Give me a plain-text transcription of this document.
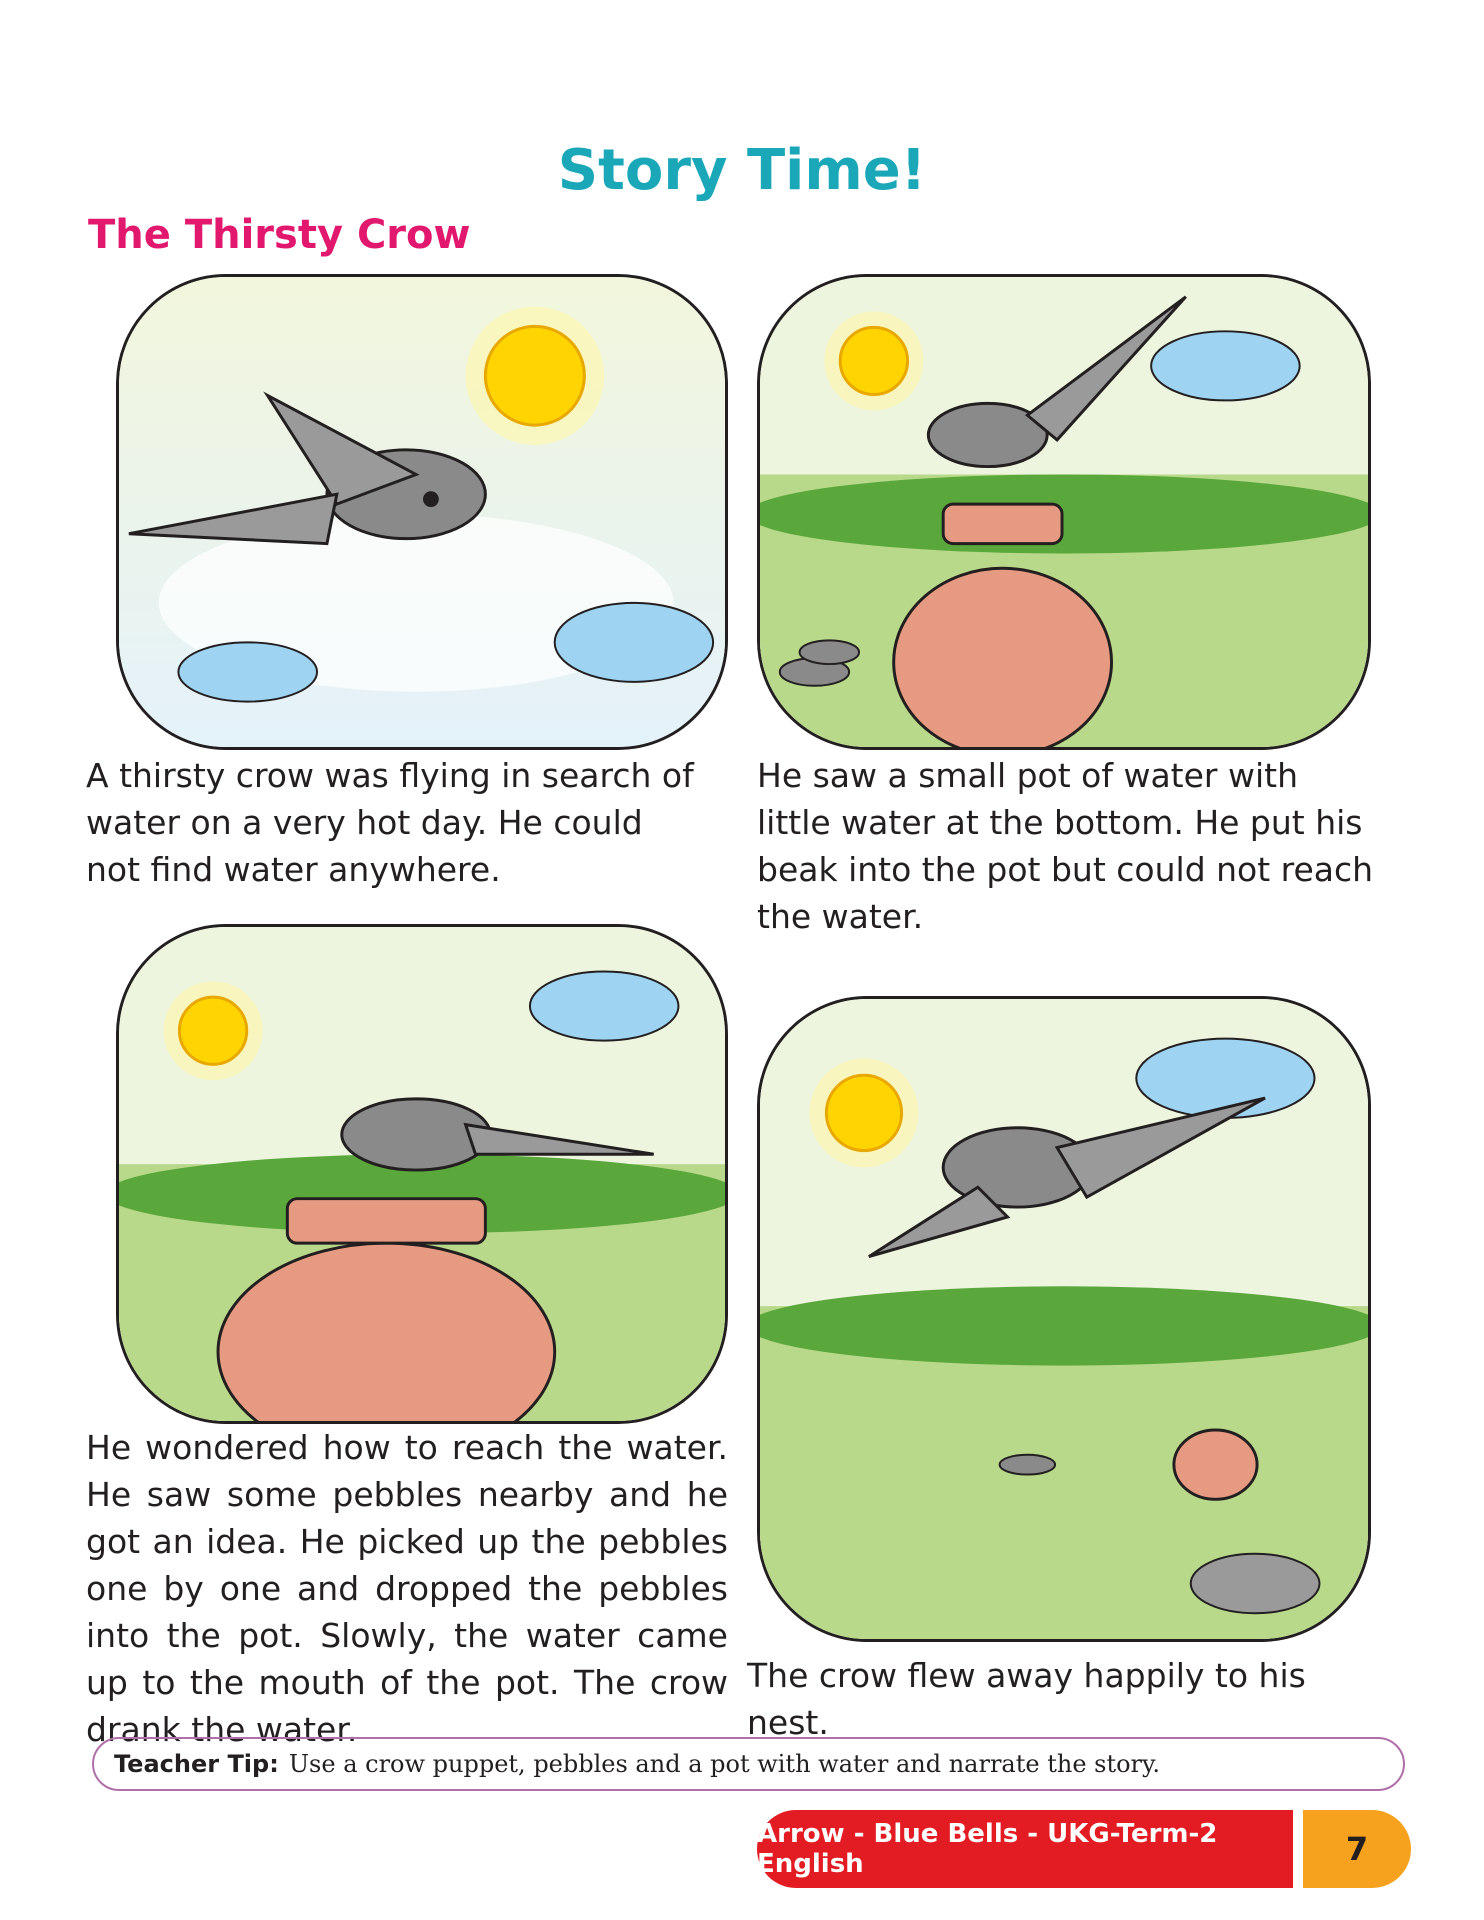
Story Time!
The Thirsty Crow

A thirsty crow was flying in search of water on a very hot day. He could not find water anywhere.

He saw a small pot of water with little water at the bottom. He put his beak into the pot but could not reach the water.

He wondered how to reach the water. He saw some pebbles nearby and he got an idea. He picked up the pebbles one by one and dropped the pebbles into the pot. Slowly, the water came up to the mouth of the pot. The crow drank the water.

The crow flew away happily to his nest.

Teacher Tip: Use a crow puppet, pebbles and a pot with water and narrate the story.
Arrow - Blue Bells - UKG-Term-2 English	7
